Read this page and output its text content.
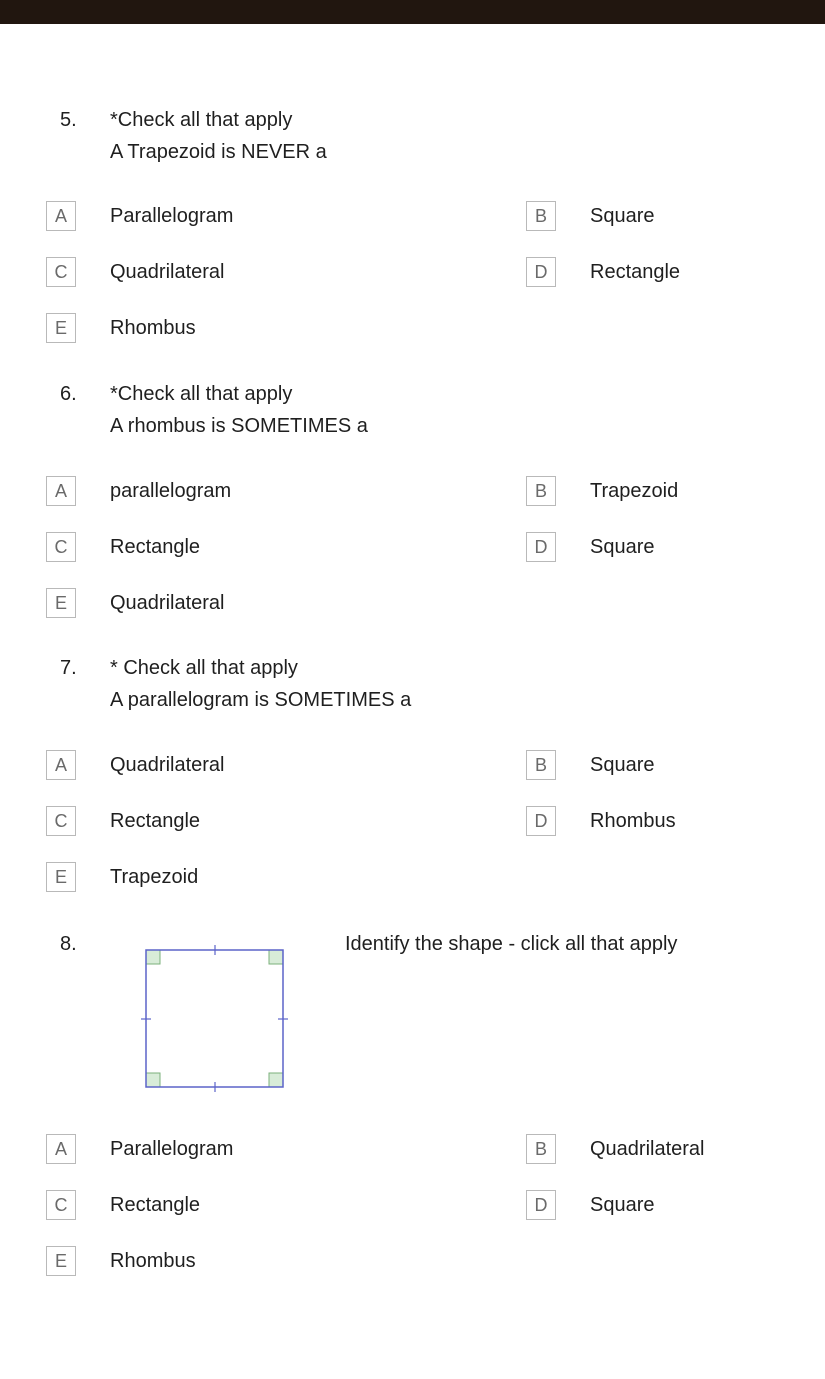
5. *Check all that apply
A Trapezoid is NEVER a
A	Parallelogram	B	Square
C	Quadrilateral	D	Rectangle
E	Rhombus
6. *Check all that apply
A rhombus is SOMETIMES a
A	parallelogram	B	Trapezoid
C	Rectangle	D	Square
E	Quadrilateral
7. * Check all that apply
A parallelogram is SOMETIMES a
A	Quadrilateral	B	Square
C	Rectangle	D	Rhombus
E	Trapezoid
8.	Identify the shape - click all that apply
A	Parallelogram	B	Quadrilateral
C	Rectangle	D	Square
E	Rhombus
